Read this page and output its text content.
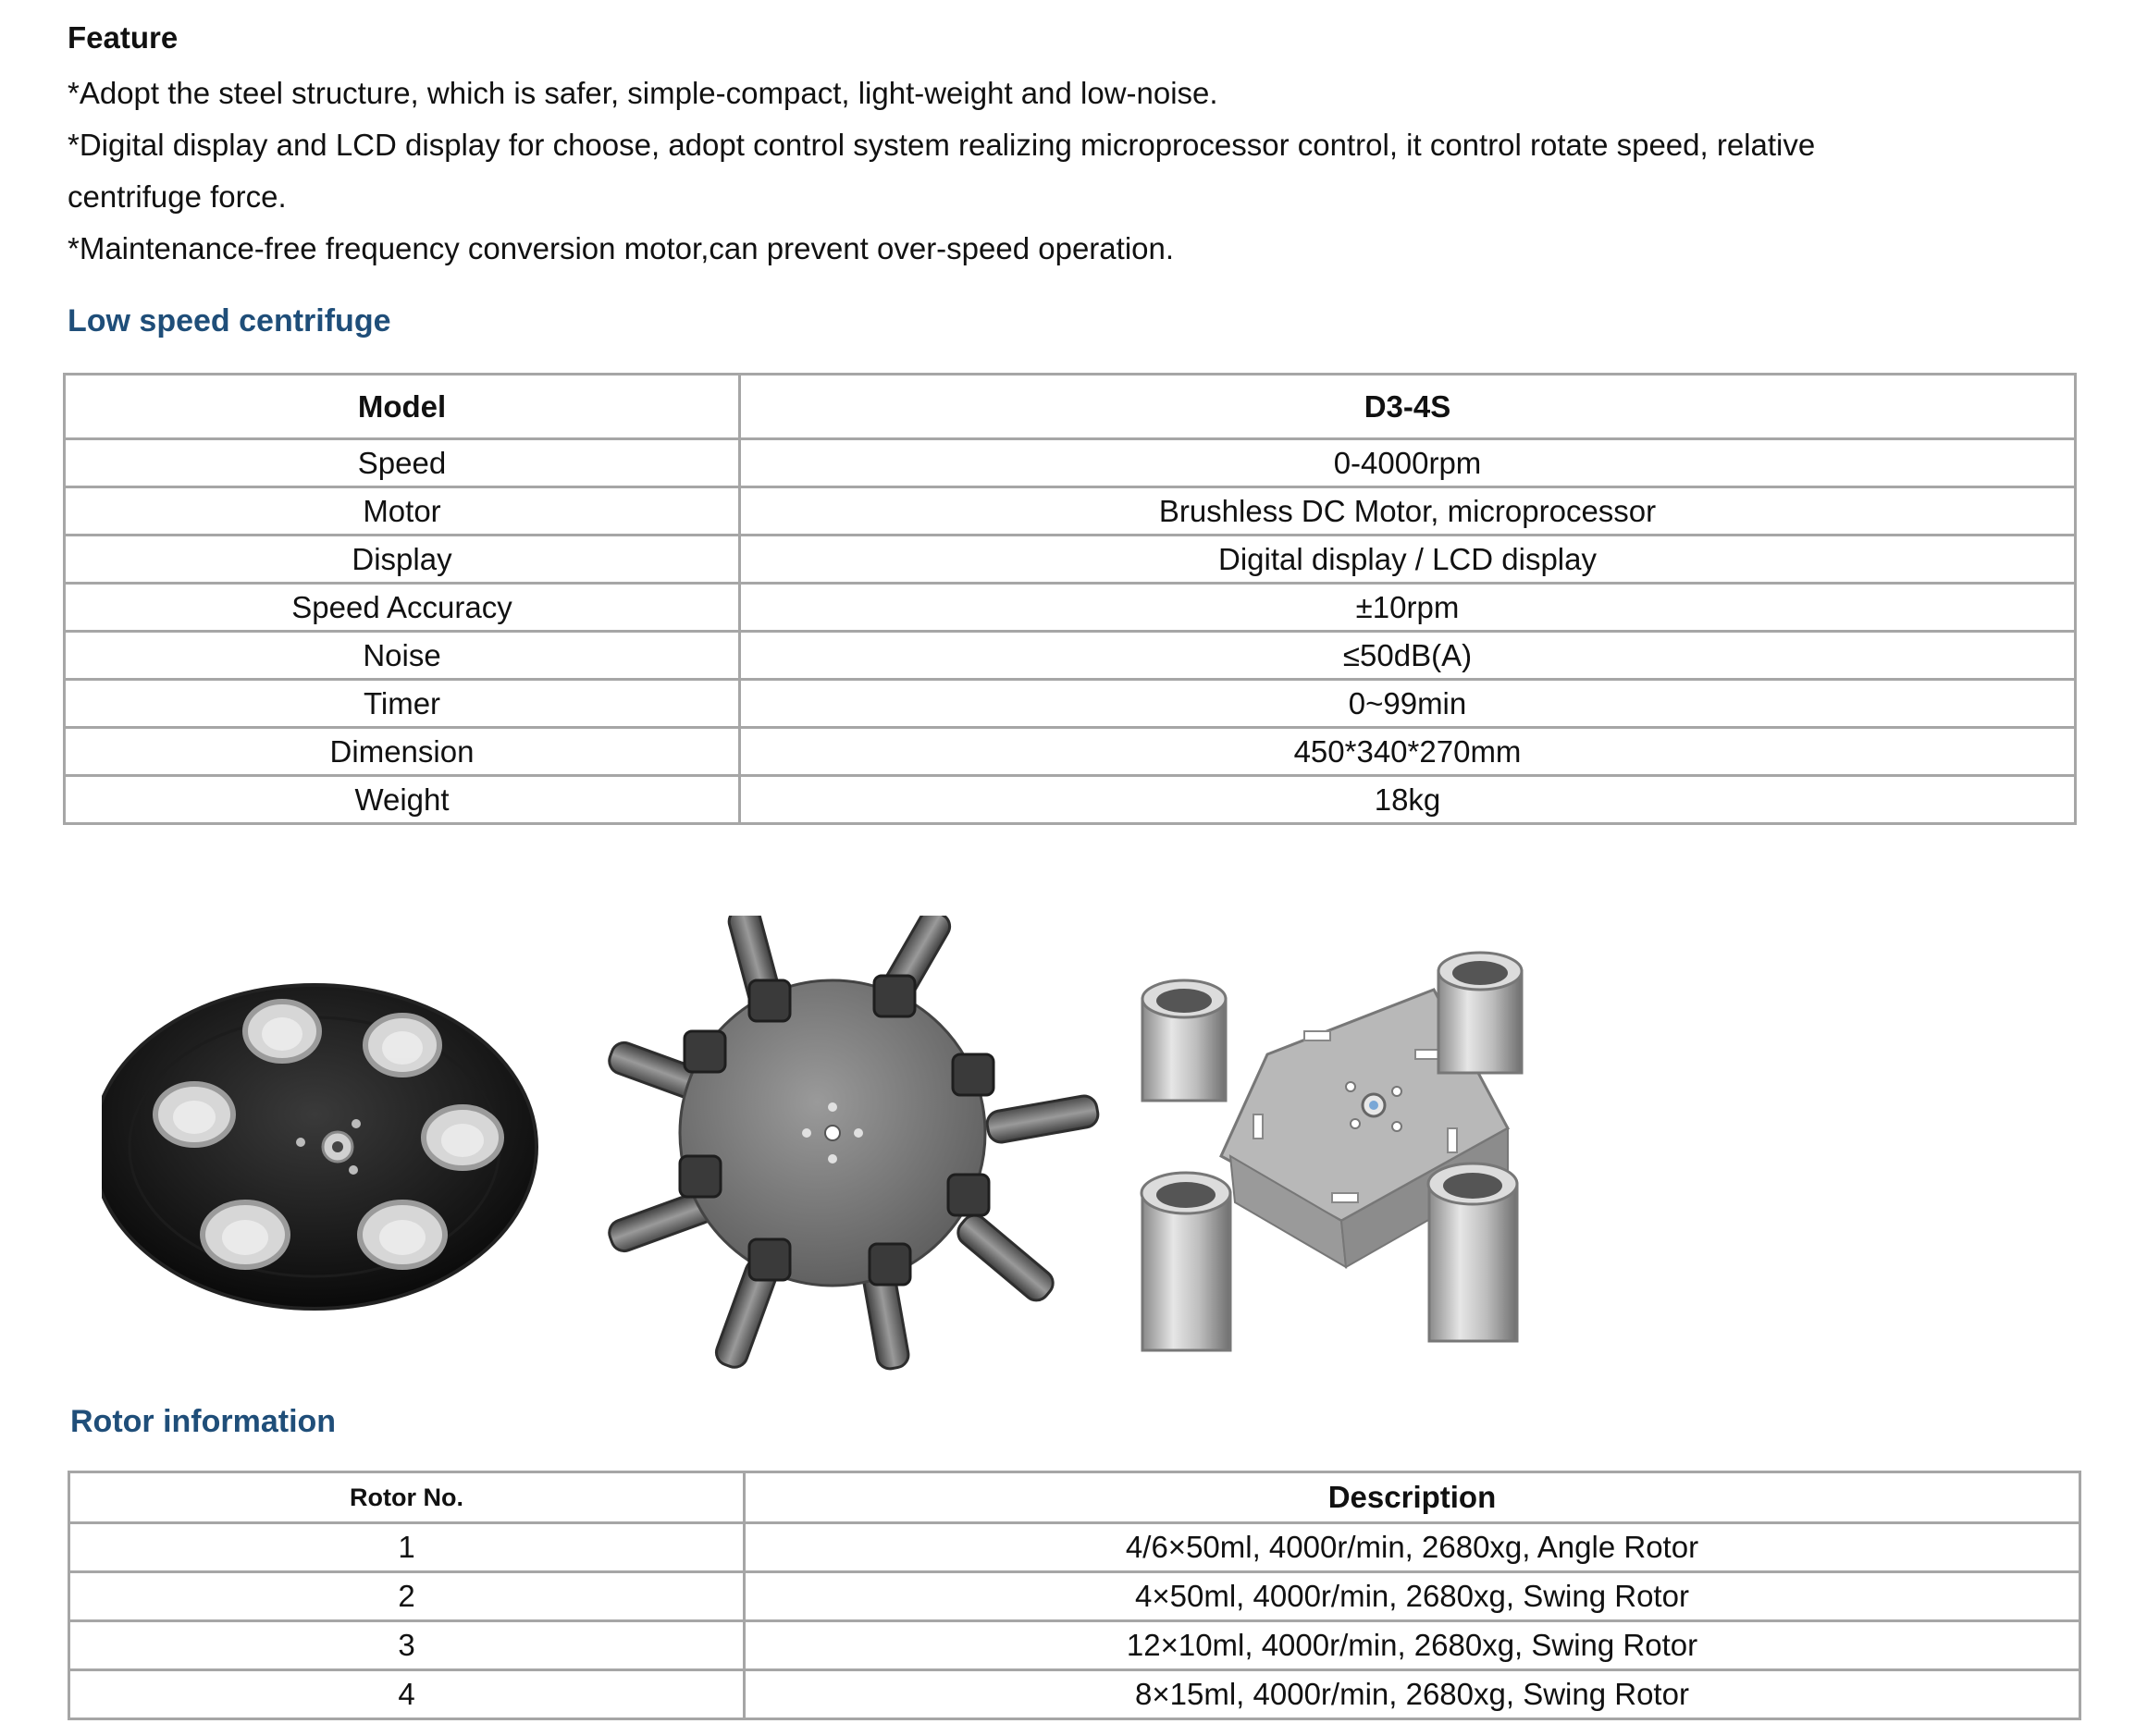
Feature
*Adopt the steel structure, which is safer, simple-compact, light-weight and low-noise.
*Digital display and LCD display for choose, adopt control system realizing microprocessor control, it control rotate speed, relative
centrifuge force.
*Maintenance-free frequency conversion motor,can prevent over-speed operation.
Low speed centrifuge
Model	D3-4S
Speed	0-4000rpm
Motor	Brushless DC Motor, microprocessor
Display	Digital display / LCD display
Speed Accuracy	±10rpm
Noise	≤50dB(A)
Timer	0~99min
Dimension	450*340*270mm
Weight	18kg
Rotor information
Rotor No.	Description
1	4/6×50ml, 4000r/min, 2680xg, Angle Rotor
2	4×50ml, 4000r/min, 2680xg, Swing Rotor
3	12×10ml, 4000r/min, 2680xg, Swing Rotor
4	8×15ml, 4000r/min, 2680xg, Swing Rotor
